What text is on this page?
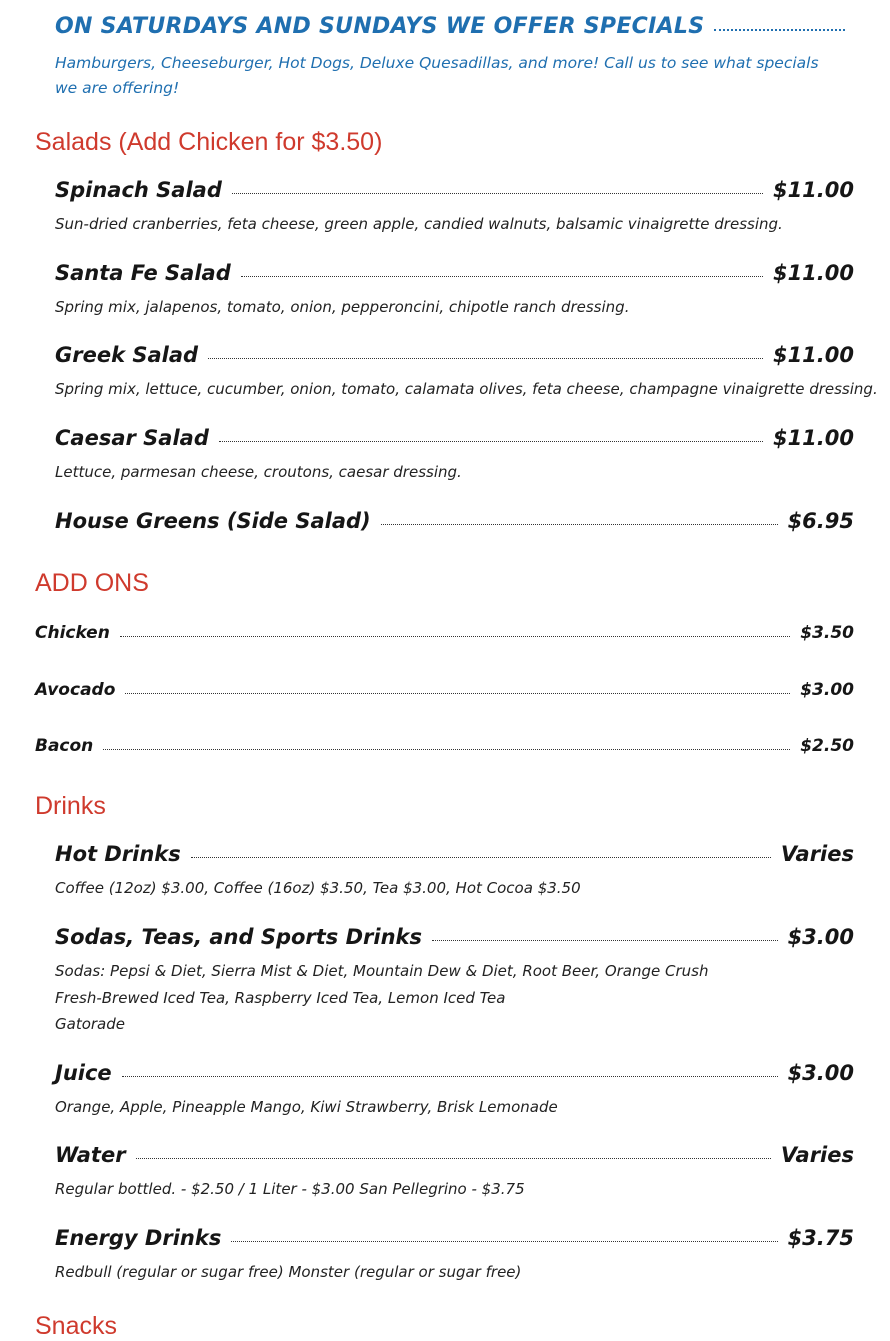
ON SATURDAYS AND SUNDAYS WE OFFER SPECIALS
Hamburgers, Cheeseburger, Hot Dogs, Deluxe Quesadillas, and more! Call us to see what specials we are offering!
Salads (Add Chicken for $3.50)
Spinach Salad	$11.00
Sun-dried cranberries, feta cheese, green apple, candied walnuts, balsamic vinaigrette dressing.
Santa Fe Salad	$11.00
Spring mix, jalapenos, tomato, onion, pepperoncini, chipotle ranch dressing.
Greek Salad	$11.00
Spring mix, lettuce, cucumber, onion, tomato, calamata olives, feta cheese, champagne vinaigrette dressing.
Caesar Salad	$11.00
Lettuce, parmesan cheese, croutons, caesar dressing.
House Greens (Side Salad)	$6.95
ADD ONS
Chicken	$3.50
Avocado	$3.00
Bacon	$2.50
Drinks
Hot Drinks	Varies
Coffee (12oz) $3.00, Coffee (16oz) $3.50, Tea $3.00, Hot Cocoa $3.50
Sodas, Teas, and Sports Drinks	$3.00
Sodas: Pepsi & Diet, Sierra Mist & Diet, Mountain Dew & Diet, Root Beer, Orange Crush
Fresh-Brewed Iced Tea, Raspberry Iced Tea, Lemon Iced Tea
Gatorade
Juice	$3.00
Orange, Apple, Pineapple Mango, Kiwi Strawberry, Brisk Lemonade
Water	Varies
Regular bottled. - $2.50 / 1 Liter - $3.00 San Pellegrino - $3.75
Energy Drinks	$3.75
Redbull (regular or sugar free) Monster (regular or sugar free)
Snacks
